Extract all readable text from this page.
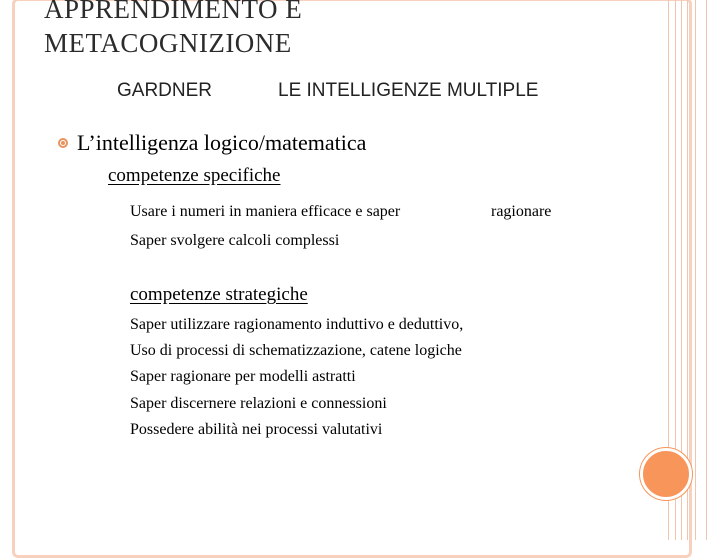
APPRENDIMENTO E
METACOGNIZIONE
GARDNER	LE INTELLIGENZE MULTIPLE
L’intelligenza logico/matematica
competenze specifiche
Usare i numeri in maniera efficace e saper	ragionare
Saper svolgere calcoli complessi
competenze strategiche
Saper utilizzare ragionamento induttivo e deduttivo,
Uso di processi di schematizzazione, catene logiche
Saper ragionare per modelli astratti
Saper discernere relazioni e connessioni
Possedere abilità nei processi valutativi
